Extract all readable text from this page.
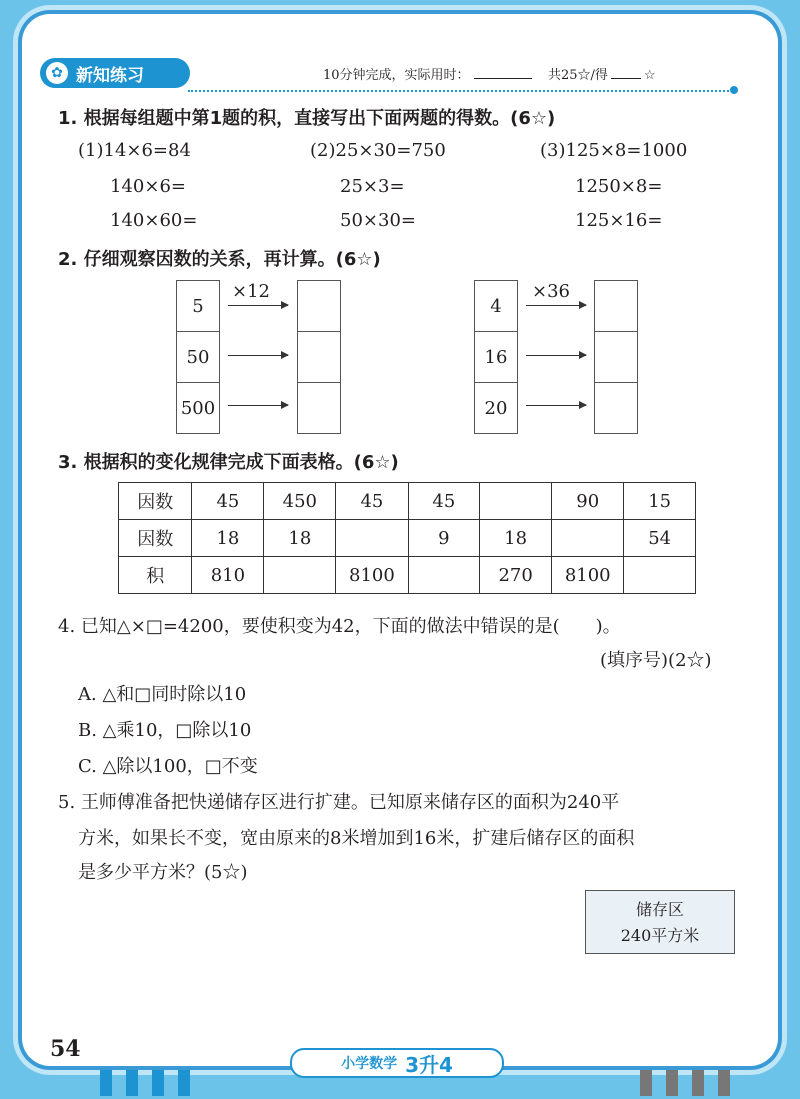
✿ 新知练习	10分钟完成，实际用时：	共25☆/得	☆
1. 根据每组题中第1题的积，直接写出下面两题的得数。(6☆)
(1)14×6=84
140×6=
140×60=
(2)25×30=750
25×3=
50×30=
(3)125×8=1000
1250×8=
125×16=
2. 仔细观察因数的关系，再计算。(6☆)
5
50
500
×12
4
16
20
×36
3. 根据积的变化规律完成下面表格。(6☆)
因数	45	450	45	45		90	15
因数	18	18		9	18		54
积	810		8100		270	8100	
4. 已知△×□=4200，要使积变为42，下面的做法中错误的是(　　)。
(填序号)(2☆)
A. △和□同时除以10
B. △乘10，□除以10
C. △除以100，□不变
5. 王师傅准备把快递储存区进行扩建。已知原来储存区的面积为240平
方米，如果长不变，宽由原来的8米增加到16米，扩建后储存区的面积
是多少平方米？(5☆)
储存区
240平方米
54
小学数学 3升4
